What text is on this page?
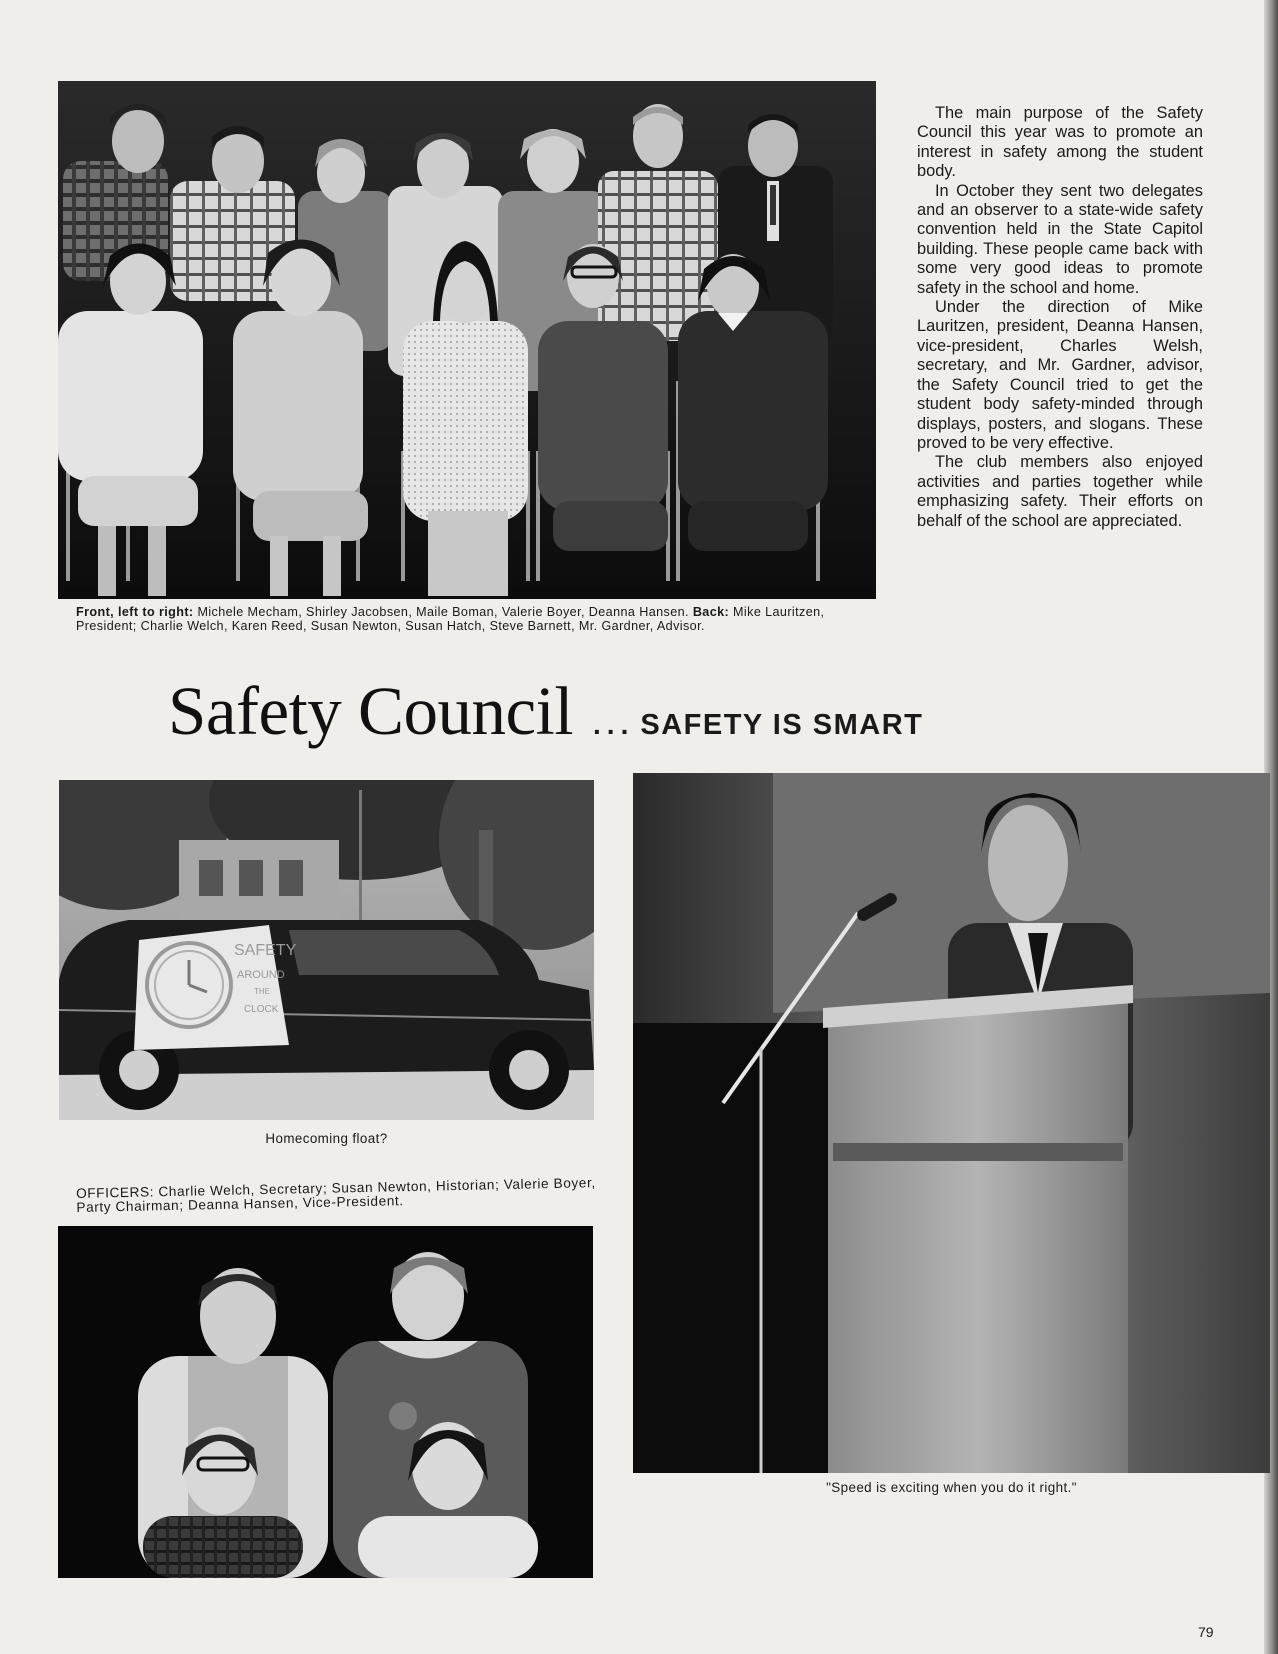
The main purpose of the Safety Council this year was to promote an interest in safety among the student body.

In October they sent two delegates and an observer to a state-wide safety convention held in the State Capitol building. These people came back with some very good ideas to promote safety in the school and home.

Under the direction of Mike Lauritzen, president, Deanna Hansen, vice-president, Charles Welsh, secretary, and Mr. Gardner, advisor, the Safety Council tried to get the student body safety-minded through displays, posters, and slogans. These proved to be very effective.

The club members also enjoyed activities and parties together while emphasizing safety. Their efforts on behalf of the school are appreciated.

Front, left to right: Michele Mecham, Shirley Jacobsen, Maile Boman, Valerie Boyer, Deanna Hansen. Back: Mike Lauritzen, President; Charlie Welch, Karen Reed, Susan Newton, Susan Hatch, Steve Barnett, Mr. Gardner, Advisor.
Safety Council ... SAFETY IS SMART
SAFETY
AROUND
THE
CLOCK
Homecoming float?
OFFICERS: Charlie Welch, Secretary; Susan Newton, Historian; Valerie Boyer, Party Chairman; Deanna Hansen, Vice-President.
"Speed is exciting when you do it right."
79
